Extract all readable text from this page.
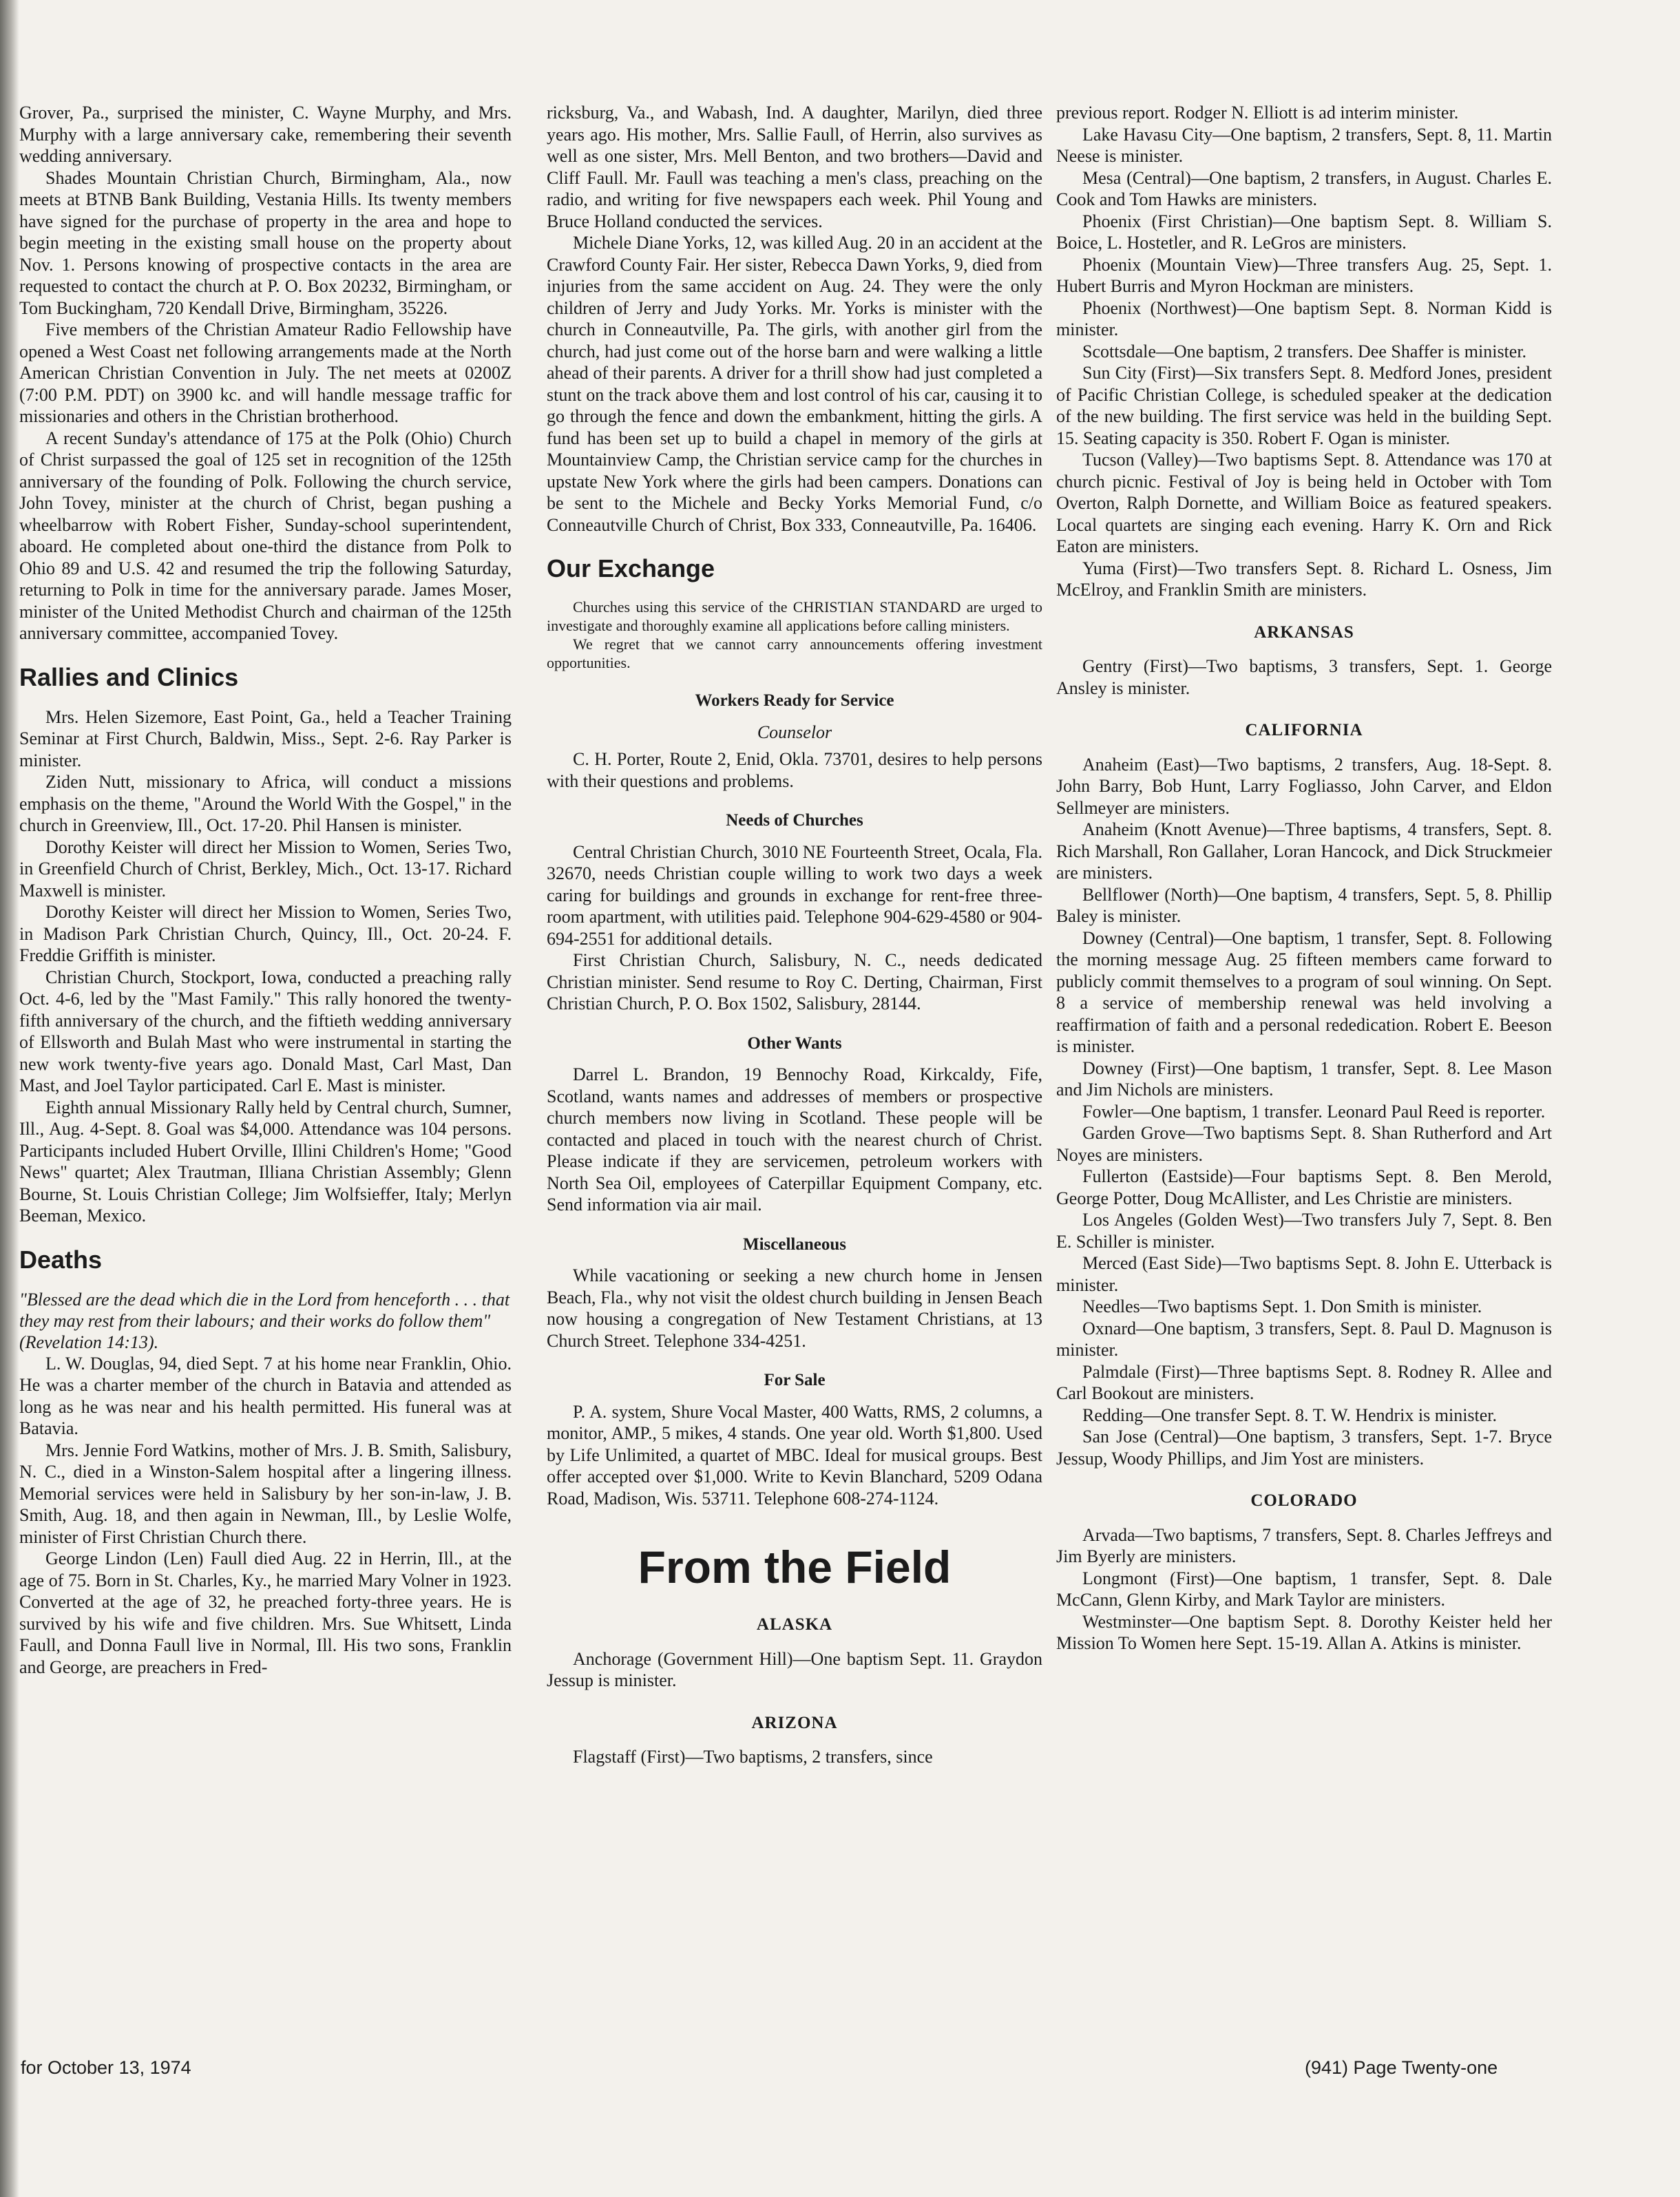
Grover, Pa., surprised the minister, C. Wayne Murphy, and Mrs. Murphy with a large anniversary cake, remembering their seventh wedding anniversary.

Shades Mountain Christian Church, Birmingham, Ala., now meets at BTNB Bank Building, Vestania Hills. Its twenty members have signed for the purchase of property in the area and hope to begin meeting in the existing small house on the property about Nov. 1. Persons knowing of prospective contacts in the area are requested to contact the church at P. O. Box 20232, Birmingham, or Tom Buckingham, 720 Kendall Drive, Birmingham, 35226.

Five members of the Christian Amateur Radio Fellowship have opened a West Coast net following arrangements made at the North American Christian Convention in July. The net meets at 0200Z (7:00 P.M. PDT) on 3900 kc. and will handle message traffic for missionaries and others in the Christian brotherhood.

A recent Sunday's attendance of 175 at the Polk (Ohio) Church of Christ surpassed the goal of 125 set in recognition of the 125th anniversary of the founding of Polk. Following the church service, John Tovey, minister at the church of Christ, began pushing a wheelbarrow with Robert Fisher, Sunday-school superintendent, aboard. He completed about one-third the distance from Polk to Ohio 89 and U.S. 42 and resumed the trip the following Saturday, returning to Polk in time for the anniversary parade. James Moser, minister of the United Methodist Church and chairman of the 125th anniversary committee, accompanied Tovey.

Rallies and Clinics

Mrs. Helen Sizemore, East Point, Ga., held a Teacher Training Seminar at First Church, Baldwin, Miss., Sept. 2-6. Ray Parker is minister.

Ziden Nutt, missionary to Africa, will conduct a missions emphasis on the theme, "Around the World With the Gospel," in the church in Greenview, Ill., Oct. 17-20. Phil Hansen is minister.

Dorothy Keister will direct her Mission to Women, Series Two, in Greenfield Church of Christ, Berkley, Mich., Oct. 13-17. Richard Maxwell is minister.

Dorothy Keister will direct her Mission to Women, Series Two, in Madison Park Christian Church, Quincy, Ill., Oct. 20-24. F. Freddie Griffith is minister.

Christian Church, Stockport, Iowa, conducted a preaching rally Oct. 4-6, led by the "Mast Family." This rally honored the twenty-fifth anniversary of the church, and the fiftieth wedding anniversary of Ellsworth and Bulah Mast who were instrumental in starting the new work twenty-five years ago. Donald Mast, Carl Mast, Dan Mast, and Joel Taylor participated. Carl E. Mast is minister.

Eighth annual Missionary Rally held by Central church, Sumner, Ill., Aug. 4-Sept. 8. Goal was $4,000. Attendance was 104 persons. Participants included Hubert Orville, Illini Children's Home; "Good News" quartet; Alex Trautman, Illiana Christian Assembly; Glenn Bourne, St. Louis Christian College; Jim Wolfsieffer, Italy; Merlyn Beeman, Mexico.

Deaths

"Blessed are the dead which die in the Lord from henceforth . . . that they may rest from their labours; and their works do follow them" (Revelation 14:13).

L. W. Douglas, 94, died Sept. 7 at his home near Franklin, Ohio. He was a charter member of the church in Batavia and attended as long as he was near and his health permitted. His funeral was at Batavia.

Mrs. Jennie Ford Watkins, mother of Mrs. J. B. Smith, Salisbury, N. C., died in a Winston-Salem hospital after a lingering illness. Memorial services were held in Salisbury by her son-in-law, J. B. Smith, Aug. 18, and then again in Newman, Ill., by Leslie Wolfe, minister of First Christian Church there.

George Lindon (Len) Faull died Aug. 22 in Herrin, Ill., at the age of 75. Born in St. Charles, Ky., he married Mary Volner in 1923. Converted at the age of 32, he preached forty-three years. He is survived by his wife and five children. Mrs. Sue Whitsett, Linda Faull, and Donna Faull live in Normal, Ill. His two sons, Franklin and George, are preachers in Fred-

ricksburg, Va., and Wabash, Ind. A daughter, Marilyn, died three years ago. His mother, Mrs. Sallie Faull, of Herrin, also survives as well as one sister, Mrs. Mell Benton, and two brothers—David and Cliff Faull. Mr. Faull was teaching a men's class, preaching on the radio, and writing for five newspapers each week. Phil Young and Bruce Holland conducted the services.

Michele Diane Yorks, 12, was killed Aug. 20 in an accident at the Crawford County Fair. Her sister, Rebecca Dawn Yorks, 9, died from injuries from the same accident on Aug. 24. They were the only children of Jerry and Judy Yorks. Mr. Yorks is minister with the church in Conneautville, Pa. The girls, with another girl from the church, had just come out of the horse barn and were walking a little ahead of their parents. A driver for a thrill show had just completed a stunt on the track above them and lost control of his car, causing it to go through the fence and down the embankment, hitting the girls. A fund has been set up to build a chapel in memory of the girls at Mountainview Camp, the Christian service camp for the churches in upstate New York where the girls had been campers. Donations can be sent to the Michele and Becky Yorks Memorial Fund, c/o Conneautville Church of Christ, Box 333, Conneautville, Pa. 16406.

Our Exchange

Churches using this service of the CHRISTIAN STANDARD are urged to investigate and thoroughly examine all applications before calling ministers.

We regret that we cannot carry announcements offering investment opportunities.

Workers Ready for Service
Counselor

C. H. Porter, Route 2, Enid, Okla. 73701, desires to help persons with their questions and problems.

Needs of Churches

Central Christian Church, 3010 NE Fourteenth Street, Ocala, Fla. 32670, needs Christian couple willing to work two days a week caring for buildings and grounds in exchange for rent-free three-room apartment, with utilities paid. Telephone 904-629-4580 or 904-694-2551 for additional details.

First Christian Church, Salisbury, N. C., needs dedicated Christian minister. Send resume to Roy C. Derting, Chairman, First Christian Church, P. O. Box 1502, Salisbury, 28144.

Other Wants

Darrel L. Brandon, 19 Bennochy Road, Kirkcaldy, Fife, Scotland, wants names and addresses of members or prospective church members now living in Scotland. These people will be contacted and placed in touch with the nearest church of Christ. Please indicate if they are servicemen, petroleum workers with North Sea Oil, employees of Caterpillar Equipment Company, etc. Send information via air mail.

Miscellaneous

While vacationing or seeking a new church home in Jensen Beach, Fla., why not visit the oldest church building in Jensen Beach now housing a congregation of New Testament Christians, at 13 Church Street. Telephone 334-4251.

For Sale

P. A. system, Shure Vocal Master, 400 Watts, RMS, 2 columns, a monitor, AMP., 5 mikes, 4 stands. One year old. Worth $1,800. Used by Life Unlimited, a quartet of MBC. Ideal for musical groups. Best offer accepted over $1,000. Write to Kevin Blanchard, 5209 Odana Road, Madison, Wis. 53711. Telephone 608-274-1124.

From the Field
ALASKA

Anchorage (Government Hill)—One baptism Sept. 11. Graydon Jessup is minister.

ARIZONA

Flagstaff (First)—Two baptisms, 2 transfers, since

previous report. Rodger N. Elliott is ad interim minister.

Lake Havasu City—One baptism, 2 transfers, Sept. 8, 11. Martin Neese is minister.

Mesa (Central)—One baptism, 2 transfers, in August. Charles E. Cook and Tom Hawks are ministers.

Phoenix (First Christian)—One baptism Sept. 8. William S. Boice, L. Hostetler, and R. LeGros are ministers.

Phoenix (Mountain View)—Three transfers Aug. 25, Sept. 1. Hubert Burris and Myron Hockman are ministers.

Phoenix (Northwest)—One baptism Sept. 8. Norman Kidd is minister.

Scottsdale—One baptism, 2 transfers. Dee Shaffer is minister.

Sun City (First)—Six transfers Sept. 8. Medford Jones, president of Pacific Christian College, is scheduled speaker at the dedication of the new building. The first service was held in the building Sept. 15. Seating capacity is 350. Robert F. Ogan is minister.

Tucson (Valley)—Two baptisms Sept. 8. Attendance was 170 at church picnic. Festival of Joy is being held in October with Tom Overton, Ralph Dornette, and William Boice as featured speakers. Local quartets are singing each evening. Harry K. Orn and Rick Eaton are ministers.

Yuma (First)—Two transfers Sept. 8. Richard L. Osness, Jim McElroy, and Franklin Smith are ministers.

ARKANSAS

Gentry (First)—Two baptisms, 3 transfers, Sept. 1. George Ansley is minister.

CALIFORNIA

Anaheim (East)—Two baptisms, 2 transfers, Aug. 18-Sept. 8. John Barry, Bob Hunt, Larry Fogliasso, John Carver, and Eldon Sellmeyer are ministers.

Anaheim (Knott Avenue)—Three baptisms, 4 transfers, Sept. 8. Rich Marshall, Ron Gallaher, Loran Hancock, and Dick Struckmeier are ministers.

Bellflower (North)—One baptism, 4 transfers, Sept. 5, 8. Phillip Baley is minister.

Downey (Central)—One baptism, 1 transfer, Sept. 8. Following the morning message Aug. 25 fifteen members came forward to publicly commit themselves to a program of soul winning. On Sept. 8 a service of membership renewal was held involving a reaffirmation of faith and a personal rededication. Robert E. Beeson is minister.

Downey (First)—One baptism, 1 transfer, Sept. 8. Lee Mason and Jim Nichols are ministers.

Fowler—One baptism, 1 transfer. Leonard Paul Reed is reporter.

Garden Grove—Two baptisms Sept. 8. Shan Rutherford and Art Noyes are ministers.

Fullerton (Eastside)—Four baptisms Sept. 8. Ben Merold, George Potter, Doug McAllister, and Les Christie are ministers.

Los Angeles (Golden West)—Two transfers July 7, Sept. 8. Ben E. Schiller is minister.

Merced (East Side)—Two baptisms Sept. 8. John E. Utterback is minister.

Needles—Two baptisms Sept. 1. Don Smith is minister.

Oxnard—One baptism, 3 transfers, Sept. 8. Paul D. Magnuson is minister.

Palmdale (First)—Three baptisms Sept. 8. Rodney R. Allee and Carl Bookout are ministers.

Redding—One transfer Sept. 8. T. W. Hendrix is minister.

San Jose (Central)—One baptism, 3 transfers, Sept. 1-7. Bryce Jessup, Woody Phillips, and Jim Yost are ministers.

COLORADO

Arvada—Two baptisms, 7 transfers, Sept. 8. Charles Jeffreys and Jim Byerly are ministers.

Longmont (First)—One baptism, 1 transfer, Sept. 8. Dale McCann, Glenn Kirby, and Mark Taylor are ministers.

Westminster—One baptism Sept. 8. Dorothy Keister held her Mission To Women here Sept. 15-19. Allan A. Atkins is minister.

for October 13, 1974	(941) Page Twenty-one
